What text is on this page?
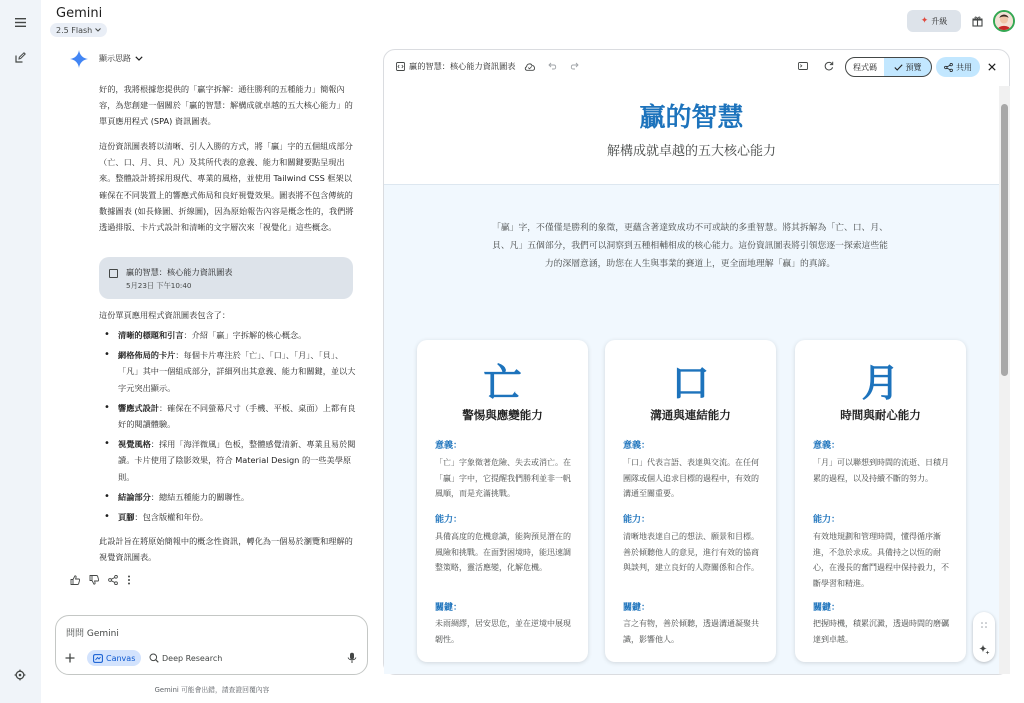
Gemini
2.5 Flash
✦ 升級
顯示思路
好的，我將根據您提供的「贏字拆解：通往勝利的五種能力」簡報內容，為您創建一個關於「贏的智慧：解構成就卓越的五大核心能力」的單頁應用程式 (SPA) 資訊圖表。
這份資訊圖表將以清晰、引人入勝的方式，將「贏」字的五個組成部分（亡、口、月、貝、凡）及其所代表的意義、能力和關鍵要點呈現出來。整體設計將採用現代、專業的風格，並使用 Tailwind CSS 框架以確保在不同裝置上的響應式佈局和良好視覺效果。圖表將不包含傳統的數據圖表 (如長條圖、折線圖)，因為原始報告內容是概念性的，我們將透過排版、卡片式設計和清晰的文字層次來「視覺化」這些概念。
贏的智慧：核心能力資訊圖表
5月23日 下午10:40
這份單頁應用程式資訊圖表包含了：
• 清晰的標題和引言：介紹「贏」字拆解的核心概念。
• 網格佈局的卡片：每個卡片專注於「亡」、「口」、「月」、「貝」、「凡」其中一個組成部分，詳細列出其意義、能力和關鍵，並以大字元突出顯示。
• 響應式設計：確保在不同螢幕尺寸（手機、平板、桌面）上都有良好的閱讀體驗。
• 視覺風格：採用「海洋微風」色板，整體感覺清新、專業且易於閱讀。卡片使用了陰影效果，符合 Material Design 的一些美學原則。
• 結論部分：總結五種能力的關聯性。
• 頁腳：包含版權和年份。
此設計旨在將原始簡報中的概念性資訊，轉化為一個易於瀏覽和理解的視覺資訊圖表。
問問 Gemini
Canvas	Deep Research
Gemini 可能會出錯，請查證回覆內容
贏的智慧：核心能力資訊圖表	程式碼	預覽	共用
贏的智慧
解構成就卓越的五大核心能力
「贏」字，不僅僅是勝利的象徵，更蘊含著達致成功不可或缺的多重智慧。將其拆解為「亡、口、月、貝、凡」五個部分，我們可以洞察到五種相輔相成的核心能力。這份資訊圖表將引領您逐一探索這些能力的深層意涵，助您在人生與事業的賽道上，更全面地理解「贏」的真諦。
亡
警惕與應變能力
意義：
「亡」字象徵著危險、失去或消亡。在「贏」字中，它提醒我們勝利並非一帆風順，而是充滿挑戰。
能力：
具備高度的危機意識，能夠預見潛在的風險和挑戰。在面對困境時，能迅速調整策略，靈活應變，化解危機。
關鍵：
未雨綢繆，居安思危，並在逆境中展現韌性。
口
溝通與連結能力
意義：
「口」代表言語、表達與交流。在任何團隊或個人追求目標的過程中，有效的溝通至關重要。
能力：
清晰地表達自己的想法、願景和目標。善於傾聽他人的意見，進行有效的協商與談判，建立良好的人際關係和合作。
關鍵：
言之有物，善於傾聽，透過溝通凝聚共識，影響他人。
月
時間與耐心能力
意義：
「月」可以聯想到時間的流逝、日積月累的過程，以及持續不斷的努力。
能力：
有效地規劃和管理時間，懂得循序漸進，不急於求成。具備持之以恆的耐心，在漫長的奮鬥過程中保持毅力，不斷學習和精進。
關鍵：
把握時機，積累沉澱，透過時間的磨礪達到卓越。
